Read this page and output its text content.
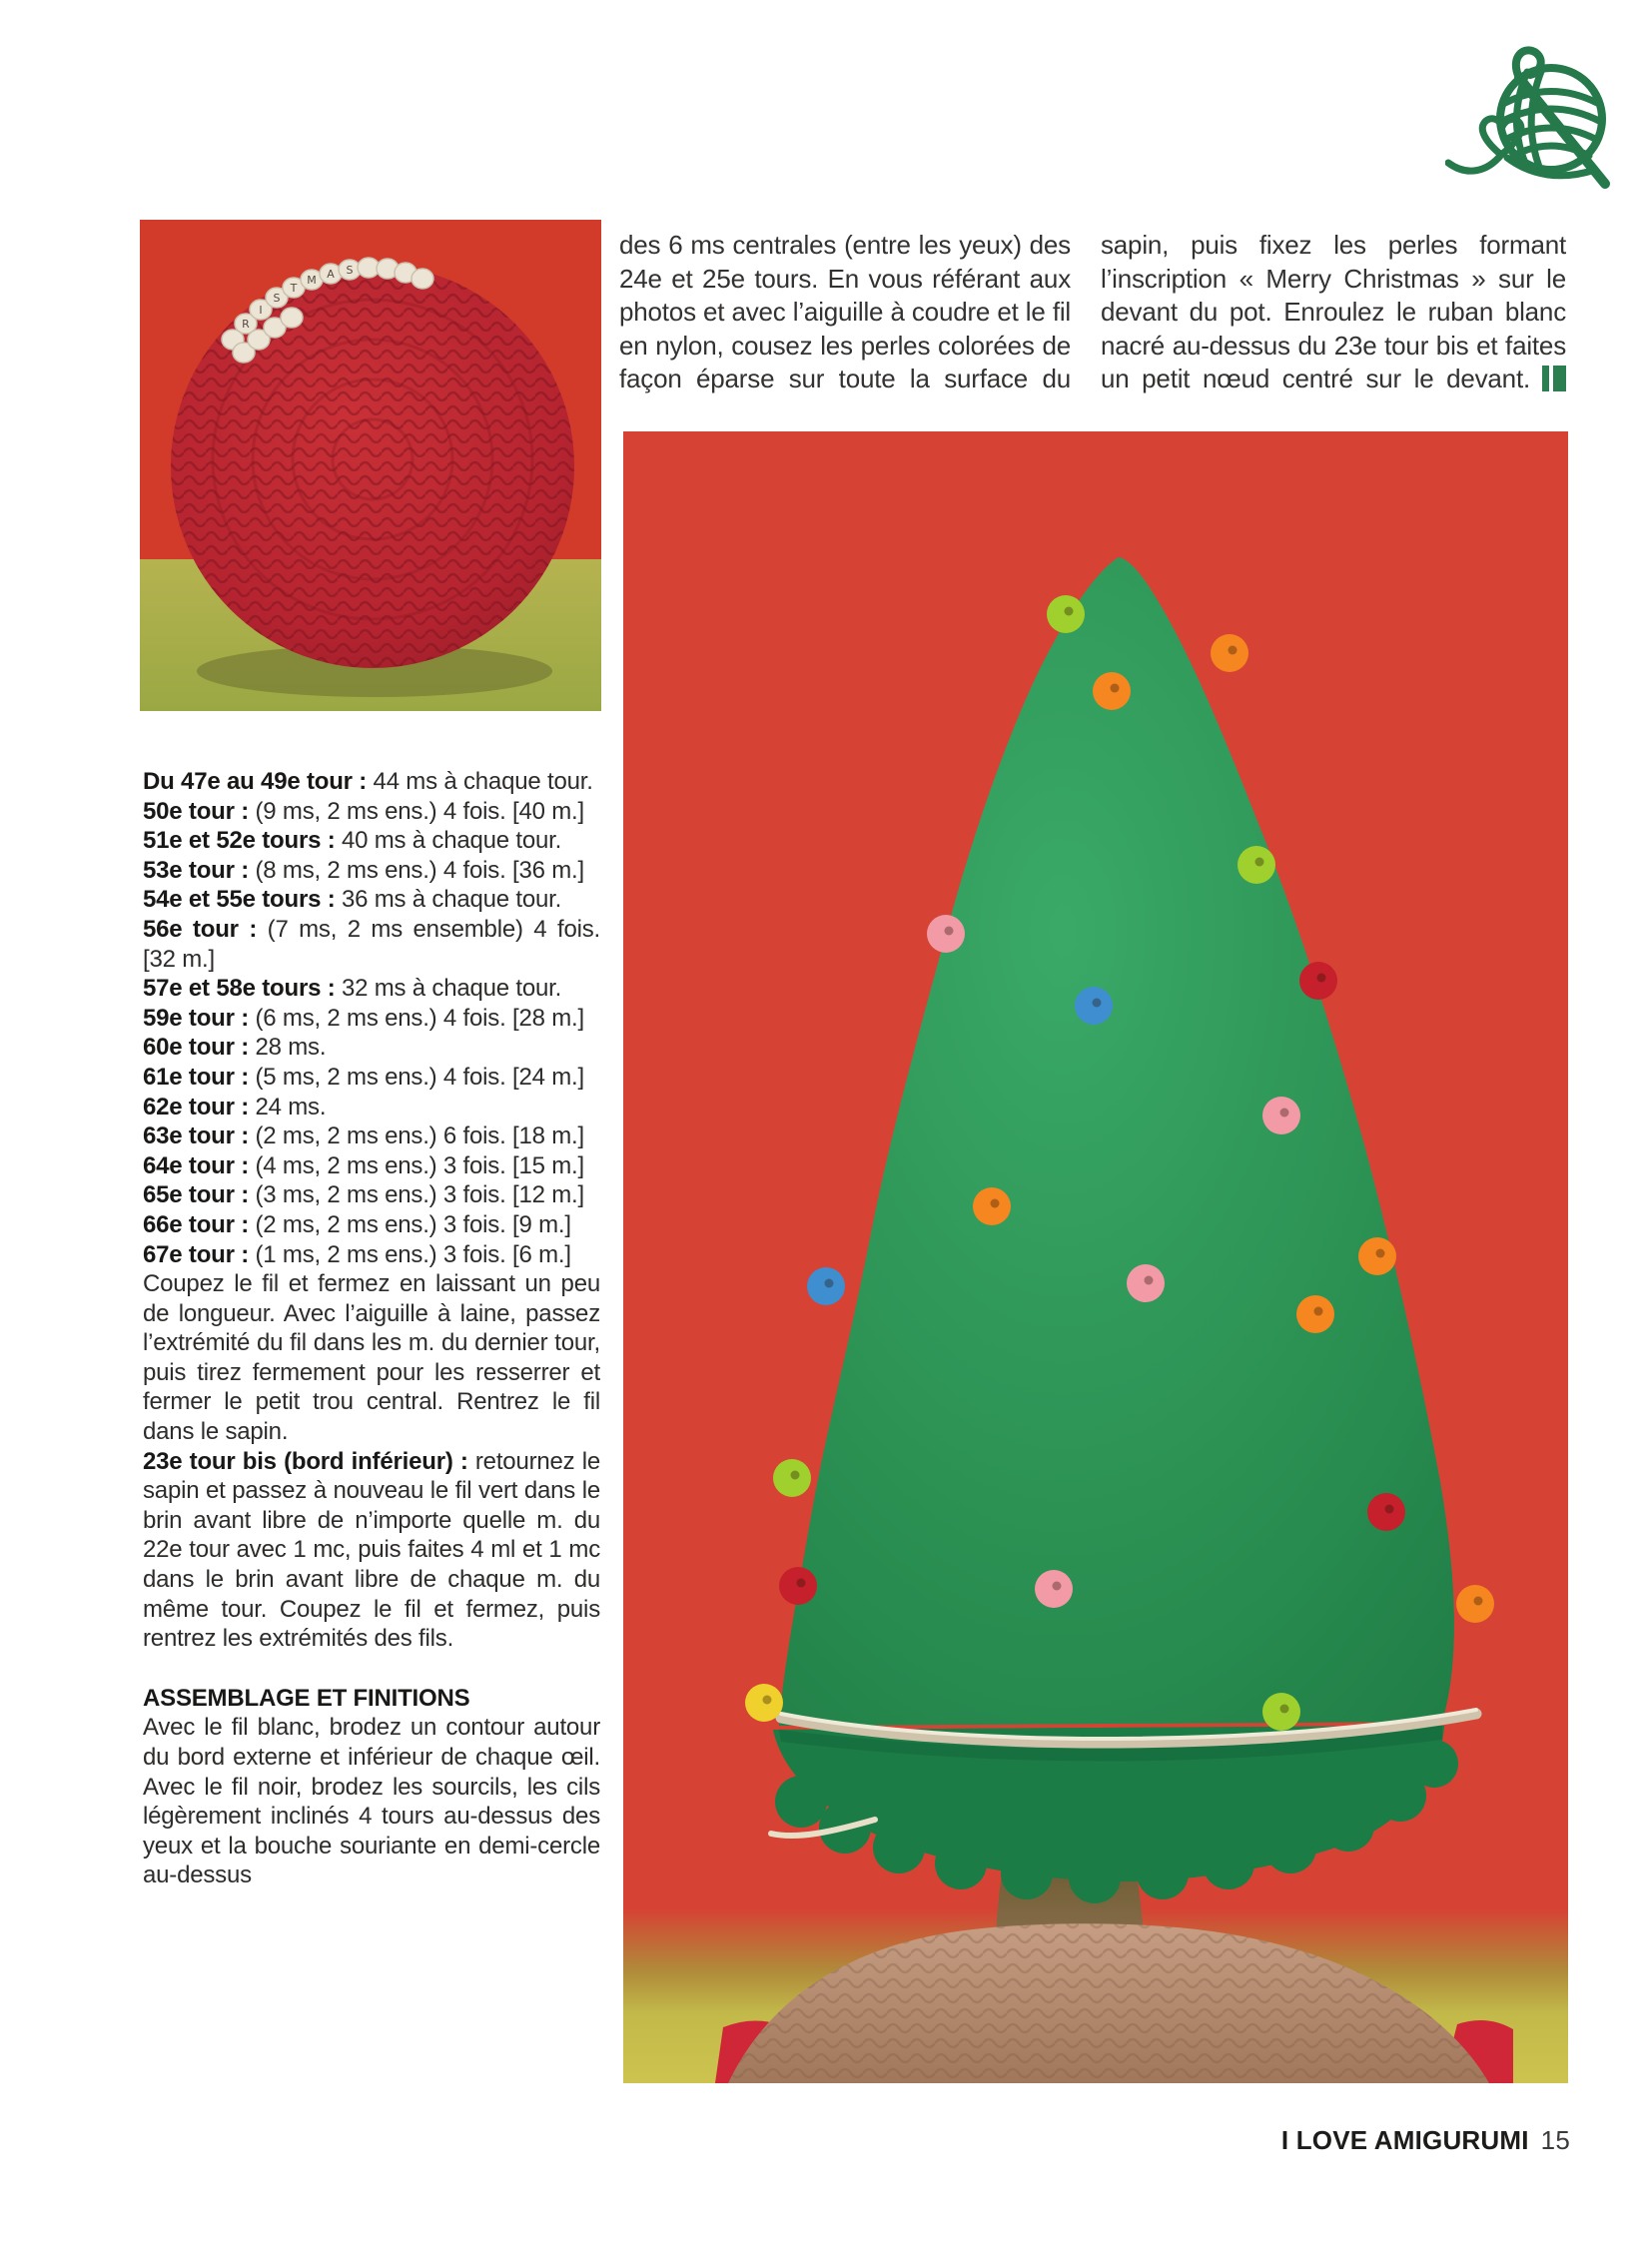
R
I
S
T
M A S

des 6 ms centrales (entre les yeux) des 24e et 25e tours. En vous référant aux photos et avec l’aiguille à coudre et le fil en nylon, cousez les perles colorées de façon éparse sur toute la surface du

sapin, puis fixez les perles formant l’inscription « Merry Christmas » sur le devant du pot. Enroulez le ruban blanc nacré au-dessus du 23e tour bis et faites un petit nœud centré sur le devant.

Du 47e au 49e tour : 44 ms à chaque tour.

50e tour : (9 ms, 2 ms ens.) 4 fois. [40 m.]

51e et 52e tours : 40 ms à chaque tour.

53e tour : (8 ms, 2 ms ens.) 4 fois. [36 m.]

54e et 55e tours : 36 ms à chaque tour.

56e tour : (7 ms, 2 ms ensemble) 4 fois. [32 m.]

57e et 58e tours : 32 ms à chaque tour.

59e tour : (6 ms, 2 ms ens.) 4 fois. [28 m.]

60e tour : 28 ms.

61e tour : (5 ms, 2 ms ens.) 4 fois. [24 m.]

62e tour : 24 ms.

63e tour : (2 ms, 2 ms ens.) 6 fois. [18 m.]

64e tour : (4 ms, 2 ms ens.) 3 fois. [15 m.]

65e tour : (3 ms, 2 ms ens.) 3 fois. [12 m.]

66e tour : (2 ms, 2 ms ens.) 3 fois. [9 m.]

67e tour : (1 ms, 2 ms ens.) 3 fois. [6 m.]

Coupez le fil et fermez en laissant un peu de longueur. Avec l’aiguille à laine, passez l’extrémité du fil dans les m. du dernier tour, puis tirez fermement pour les resserrer et fermer le petit trou central. Rentrez le fil dans le sapin.

23e tour bis (bord inférieur) : retournez le sapin et passez à nouveau le fil vert dans le brin avant libre de n’importe quelle m. du 22e tour avec 1 mc, puis faites 4 ml et 1 mc dans le brin avant libre de chaque m. du même tour. Coupez le fil et fermez, puis rentrez les extrémités des fils.

ASSEMBLAGE ET FINITIONS

Avec le fil blanc, brodez un contour autour du bord externe et inférieur de chaque œil. Avec le fil noir, brodez les sourcils, les cils légèrement inclinés 4 tours au-dessus des yeux et la bouche souriante en demi-cercle au-dessus

I LOVE AMIGURUMI 15
